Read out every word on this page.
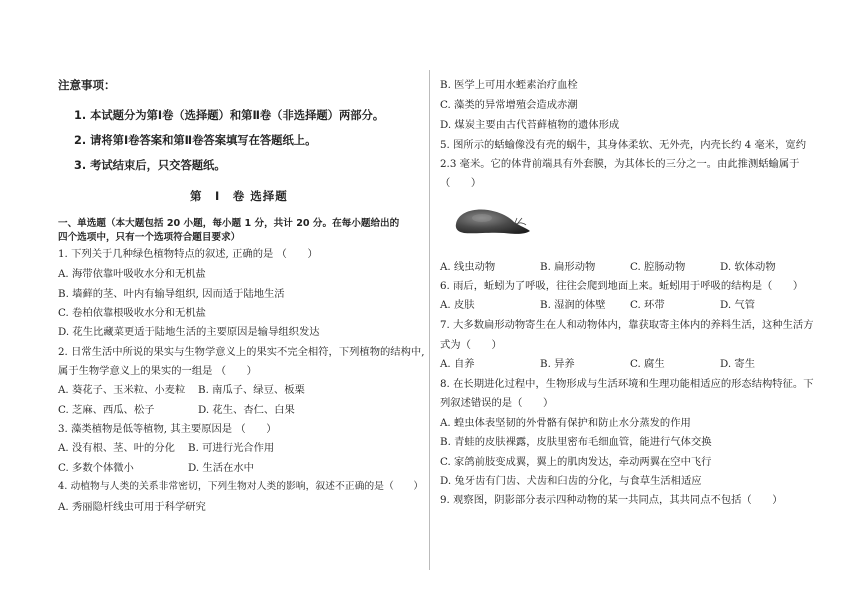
注意事项：
1. 本试题分为第Ⅰ卷（选择题）和第Ⅱ卷（非选择题）两部分。
2. 请将第Ⅰ卷答案和第Ⅱ卷答案填写在答题纸上。
3. 考试结束后，只交答题纸。
第　Ⅰ　卷 选择题
一、单选题（本大题包括 20 小题，每小题 1 分，共计 20 分。在每小题给出的
四个选项中，只有一个选项符合题目要求）
1. 下列关于几种绿色植物特点的叙述, 正确的是 （　　）
A. 海带依靠叶吸收水分和无机盐
B. 墙藓的茎、叶内有输导组织, 因而适于陆地生活
C. 卷柏依靠根吸收水分和无机盐
D. 花生比藏菜更适于陆地生活的主要原因是输导组织发达
2. 日常生活中所说的果实与生物学意义上的果实不完全相符，下列植物的结构中,
属于生物学意义上的果实的一组是 （　　）
A. 葵花子、玉米粒、小麦粒 B. 南瓜子、绿豆、板栗
C. 芝麻、西瓜、松子	D. 花生、杏仁、白果
3. 藻类植物是低等植物, 其主要原因是 （　　）
A. 没有根、茎、叶的分化 B. 可进行光合作用
C. 多数个体微小	D. 生活在水中
4. 动植物与人类的关系非常密切，下列生物对人类的影响，叙述不正确的是（　　）
A. 秀丽隐杆线虫可用于科学研究
B. 医学上可用水蛭素治疗血栓
C. 藻类的异常增殖会造成赤潮
D. 煤炭主要由古代苔藓植物的遗体形成
5. 图所示的蛞蝓像没有壳的蜗牛，其身体柔软、无外壳，内壳长约 4 毫米，宽约
2.3 毫米。它的体背前端具有外套膜，为其体长的三分之一。由此推测蛞蝓属于
（　　）
A. 线虫动物	B. 扁形动物	C. 腔肠动物	D. 软体动物
6. 雨后，蚯蚓为了呼吸，往往会爬到地面上来。蚯蚓用于呼吸的结构是（　　）
A. 皮肤	B. 湿润的体壁 C. 环带	D. 气管
7. 大多数扁形动物寄生在人和动物体内，靠获取寄主体内的养料生活，这种生活方
式为（　　）
A. 自养	B. 异养	C. 腐生	D. 寄生
8. 在长期进化过程中，生物形成与生活环境和生理功能相适应的形态结构特征。下
列叙述错误的是（　　）
A. 蝗虫体表坚韧的外骨骼有保护和防止水分蒸发的作用
B. 青蛙的皮肤裸露，皮肤里密布毛细血管，能进行气体交换
C. 家鸽前肢变成翼，翼上的肌肉发达，牵动两翼在空中飞行
D. 兔牙齿有门齿、犬齿和臼齿的分化，与食草生活相适应
9. 观察图，阴影部分表示四种动物的某一共同点，其共同点不包括（　　）
